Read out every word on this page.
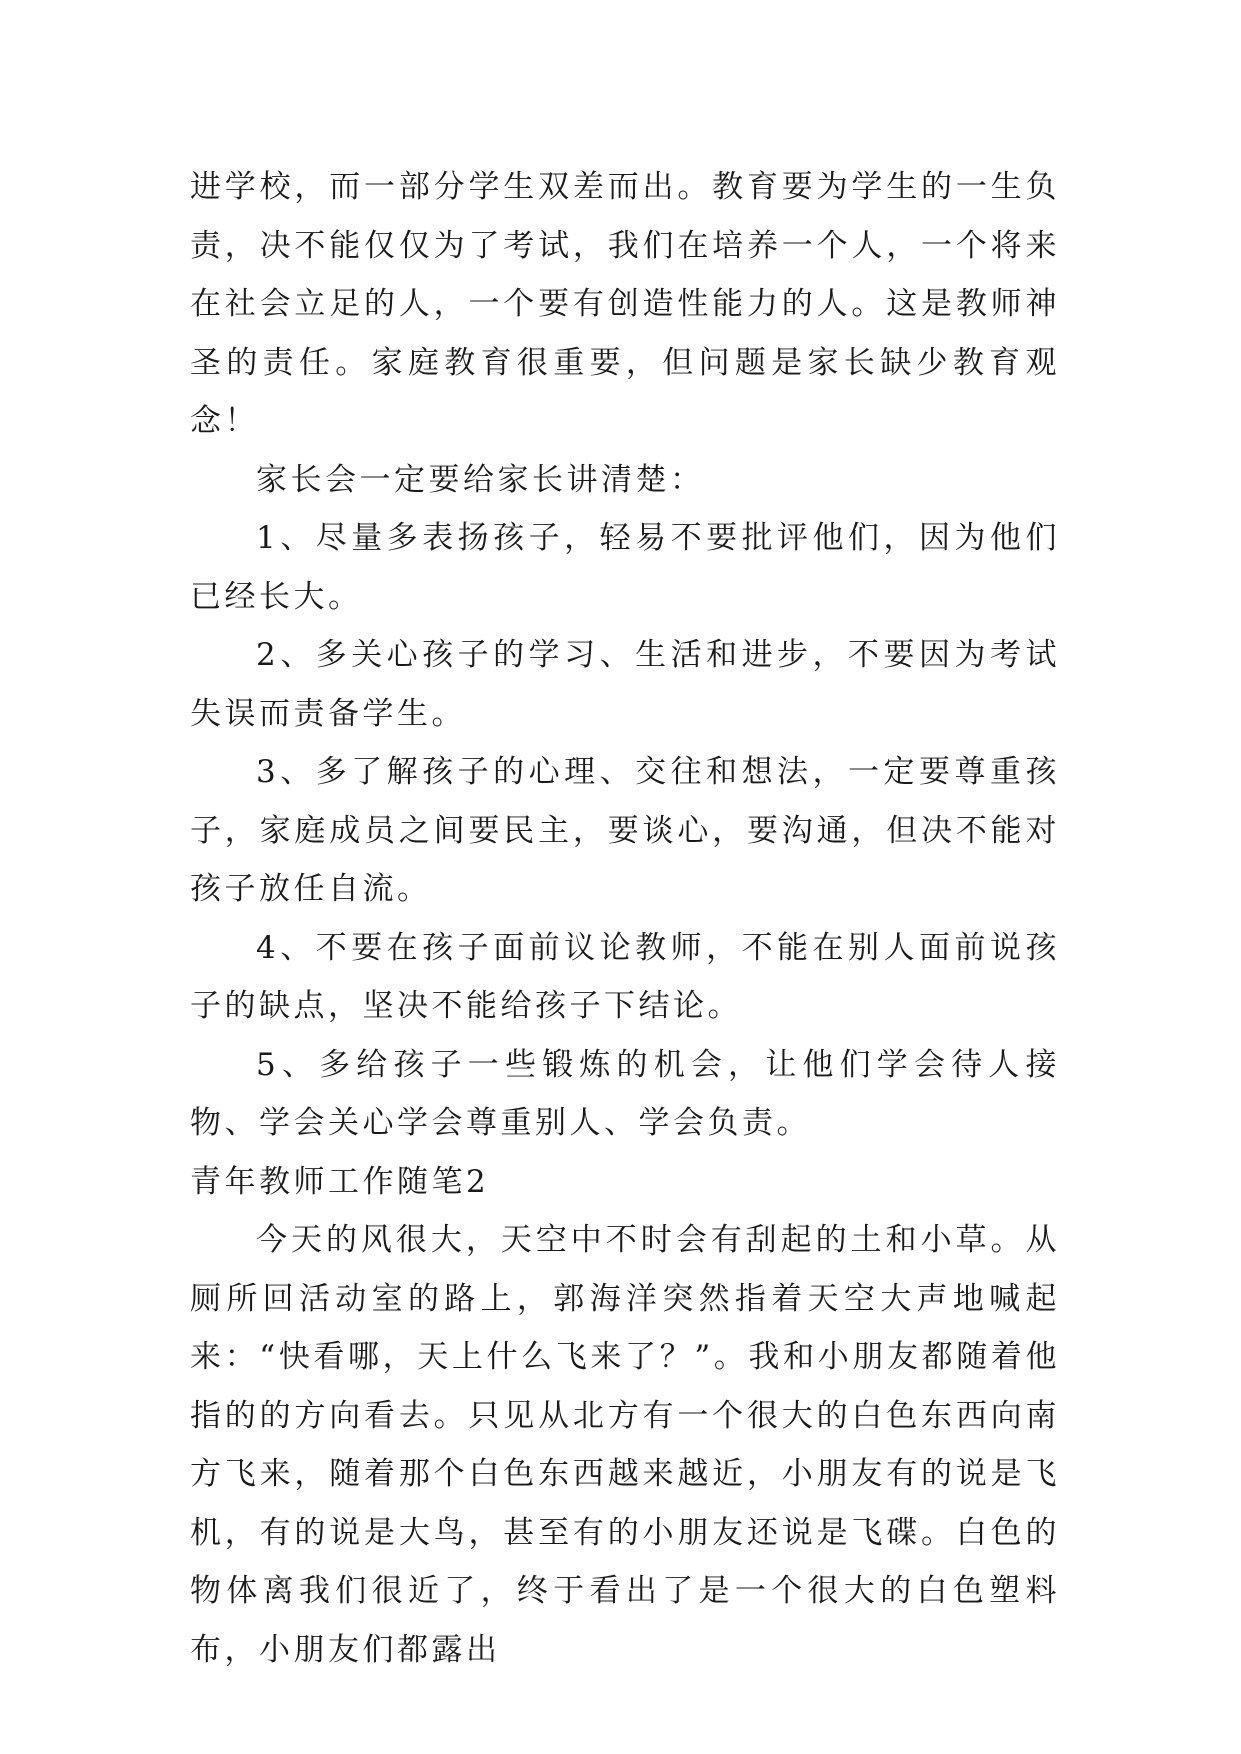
进学校，而一部分学生双差而出。教育要为学生的一生负责，决不能仅仅为了考试，我们在培养一个人，一个将来在社会立足的人，一个要有创造性能力的人。这是教师神圣的责任。家庭教育很重要，但问题是家长缺少教育观念！

家长会一定要给家长讲清楚：

1、尽量多表扬孩子，轻易不要批评他们，因为他们已经长大。

2、多关心孩子的学习、生活和进步，不要因为考试失误而责备学生。

3、多了解孩子的心理、交往和想法，一定要尊重孩子，家庭成员之间要民主，要谈心，要沟通，但决不能对孩子放任自流。

4、不要在孩子面前议论教师，不能在别人面前说孩子的缺点，坚决不能给孩子下结论。

5、多给孩子一些锻炼的机会，让他们学会待人接物、学会关心学会尊重别人、学会负责。

青年教师工作随笔2

今天的风很大，天空中不时会有刮起的土和小草。从厕所回活动室的路上，郭海洋突然指着天空大声地喊起来：“快看哪，天上什么飞来了？”。我和小朋友都随着他指的的方向看去。只见从北方有一个很大的白色东西向南方飞来，随着那个白色东西越来越近，小朋友有的说是飞机，有的说是大鸟，甚至有的小朋友还说是飞碟。白色的物体离我们很近了，终于看出了是一个很大的白色塑料布，小朋友们都露出
